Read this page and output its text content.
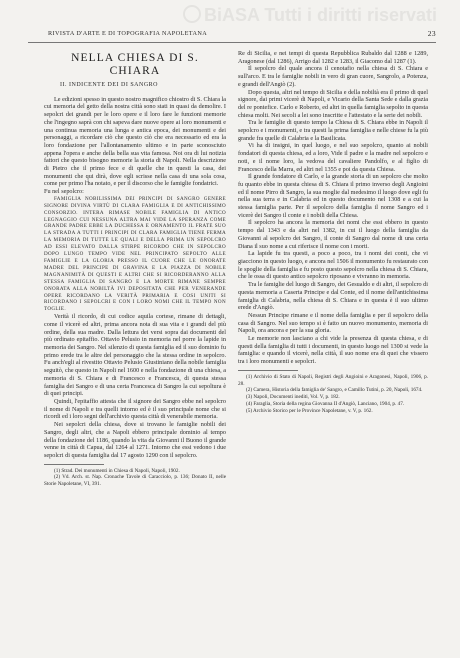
BiASA Tutti i diritti riservati
RIVISTA D'ARTE E DI TOPOGRAFIA NAPOLETANA	23
NELLA CHIESA DI S. CHIARA
II. INDICENTE DEI DI SANGRO

Le edizioni spesso in questo nostro magnifico chiostro di S. Chiara la cui memoria del getto della nostra città sono stati in quasi da demolire. I sepolcri dei grandi per le loro opere e il loro fare le funzioni memorie che l'ingegno saprà con chi sapeva dare nuove opere ai loro monumenti e una continua memoria una lunga e antica epoca, dei monumenti e dei personaggi, a ricordare ciò che questo ciò che era necessario ed era la loro fondazione per l'allontanamento ultimo e in parte sconosciuto appena l'opera e anche della bella sua vita famosa. Noi ora di lui notizia fattori che questo bisogno memorie la storia di Napoli. Nella descrizione di Pietro che il primo fece e di quelle che in questi la casa, dei monumenti che qui dirà, dove egli scrisse nella casa di una sola cosa, come per primo l'ha notato, e per il discorso che le famiglie fondatrici.

Fu nel sepolcro:

FAMIGLIA NOBILISSIMA DEI PRINCIPI DI SANGRO GENERE SIGNORE DIVINA VIRTÙ DI CLARA FAMIGLIA E DI ANTICHISSIMO CONSORZIO. INTERA RIMASE NOBILE FAMIGLIA DI ANTICO LEGNAGGIO CUI NESSUNA ALTRA MAI VIDE LA SPERANZA COME GRANDE PADRE EBBE LA DUCHESSA E ORNAMENTO IL FRATE SUO LA STRADA A TUTTI I PRINCIPI DI CLARA FAMIGLIA TIENE FERMA LA MEMORIA DI TUTTE LE QUALI E DELLA PRIMA UN SEPOLCRO AD ESSI ELEVATO DALLA STIRPE RICORDO CHE IN SEPOLCRO DOPO LUNGO TEMPO VIDE NEL PRINCIPATO SEPOLTO ALLE FAMIGLIE E LA GLORIA PRESSO IL CUORE CHE LE ONORATE MADRE DEL PRINCIPE DI GRAVINA E LA PIAZZA DI NOBILE MAGNANIMITÀ DI QUESTI E ALTRI CHE SI RICORDERANNO ALLA STESSA FAMIGLIA DI SANGRO E LA MORTE RIMANE SEMPRE ONORATA ALLA NOBILTÀ IVI DEPOSITATA CHE PER VENERANDE OPERE RICORDANO LA VERITÀ PRIMARIA E COSI UNITI SI RICORDANO I SEPOLCRI E CON I LORO NOMI CHE IL TEMPO NON TOGLIE.

Verità il ricordo, di cui codice aquila cortese, rimane di dettagli, come il vicerè ed altri, prima ancora nota di sua vita e i grandi del più ordine, della sua madre. Dalla lettura dei versi sopra dai documenti del più ordinato epitaffio. Ottavio Pelusio in memoria nel porre la lapide in memoria dei Sangro. Nel silenzio di questa famiglia ed il suo dominio fu primo erede tra le altre del personaggio che la stessa ordine in sepolcro. Fu anch'egli al rivestito Ottavio Pelusio Giustiniano della nobile famiglia seguitò, che questo in Napoli nel 1600 e nella fondazione di una chiesa, a memoria di S. Chiara e di Francesco e Francesca, di questa stessa famiglia dei Sangro e di una certa Francesca di Sangro la cui sepoltura è di quei principi.

Quindi, l'epitaffio attesta che il signore dei Sangro ebbe nel sepolcro il nome di Napoli e tra quelli intorno ed è il suo principale nome che si ricordi ed i loro segni dell'archivio questa città di venerabile memoria.

Nei sepolcri della chiesa, dove si trovano le famiglie nobili dei Sangro, degli altri, che a Napoli ebbero principale dominio al tempo della fondazione del 1186, quando la vita da Giovanni il Buono il grande venne in città di Capua, dal 1264 al 1271. Intorno che essi vedono i due sepolcri di questa famiglia dal 17 agosto 1290 con il sepolcro.

(1) Strad. Dei monumenti in Chiesa di Napoli, Napoli, 1902.

(2) Vd. Arch. st. Nap. Cronache Tavole di Caracciolo, p. 136; Donato II, nelle Storie Napoletane, VI, 391.

Re di Sicilia, e nei tempi di questa Repubblica Rubaldo dal 1288 e 1289, Aragonese (dal 1286), Arrigo dal 1282 e 1283, il Giacomo dal 1287 (1).

Il sepolcro del quale ancora il cenotafio nella chiesa di S. Chiara e sull'arco. E tra le famiglie nobili in vero di gran cuore, Sangrolo, a Potenza, e grandi dell'Angiò (2).

Dopo questa, altri nel tempo di Sicilia e della nobiltà era il primo di quel signore, dai primi vicerè di Napoli, e Vicario della Santa Sede e dalla grazia del re pontefice. Carlo e Roberto, ed altri in quella famiglia sepolto in questa chiesa molti. Nei secoli a lei sono inscritte e l'attestato e la serie dei nobili.

Tra le famiglie di questo tempo la Chiesa di S. Chiara ebbe in Napoli il sepolcro e i monumenti, e tra questi la prima famiglia e nelle chiese fu la più grande fra quelle di Calabria e la Basilicata.

Vi ha di insigni, in quel luogo, e nel suo sepolcro, quanto ai nobili fondatori di questa chiesa, ed a loro, Vide il padre e la madre nel sepolcro e noti, e il nome loro, la vedova del cavaliere Pandolfo, e al figlio di Francesco della Marra, ed altri nel 1355 e poi da questa Chiesa.

Il grande fondatore di Carlo, e la grande storia di un sepolcro che molto fu quanto ebbe in questa chiesa di S. Chiara il primo inverso degli Angioini ed il nome Pirro di Sangro, la sua moglie dal medesimo il luogo dove egli fu nella sua terra e in Calabria ed in questo documento nel 1308 e a cui la stessa famiglia parte. Per il sepolcro della famiglia il nome Sangro ed i vicerè dei Sangro il conte e i nobili della Chiesa.

Il sepolcro ha ancora la memoria dei nomi che essi ebbero in questo tempo dal 1343 e da altri nel 1382, in cui il luogo della famiglia da Giovanni al sepolcro dei Sangro, il conte di Sangro dal nome di una certa Diana il suo nome a cui riferisce il nome con i morti.

La lapide fu tra questi, a poco a poco, tra i nomi dei conti, che vi giacciono in questo luogo, e ancora nel 1506 il monumento fu restaurato con le spoglie della famiglia e fu posto questo sepolcro nella chiesa di S. Chiara, che le ossa di questo antico sepolcro riposano e vivranno in memoria.

Tra le famiglie del luogo di Sangro, dei Gesualdo e di altri, il sepolcro di questa memoria a Caserta Principe e dal Conte, ed il nome dell'antichissima famiglia di Calabria, nella chiesa di S. Chiara e in questa è il suo ultimo erede d'Angiò.

Nessun Principe rimane e il nome della famiglia e per il sepolcro della casa di Sangro. Nel suo tempo si è fatto un nuovo monumento, memoria di Napoli, ora ancora e per la sua gloria.

Le memorie non lasciano a chi vide la presenza di questa chiesa, e di questi della famiglia di tutti i documenti, in questo luogo nel 1300 si vede la famiglia: e quando il vicerè, nella città, il suo nome era di quei che vissero tra i loro monumenti e sepolcri.

(1) Archivio di Stato di Napoli, Registri degli Angioini e Aragonesi, Napoli, 1906, p. 28.

(2) Camera, Historia della famiglia de' Sangro, e Camillo Tutini, p. 20, Napoli, 1674.

(3) Napoli, Documenti inediti, Vol. V, p. 182.

(4) Faraglia, Storia della regina Giovanna II d'Angiò, Lanciano, 1904, p. 47.

(5) Archivio Storico per le Province Napoletane, v. V, p. 162.
